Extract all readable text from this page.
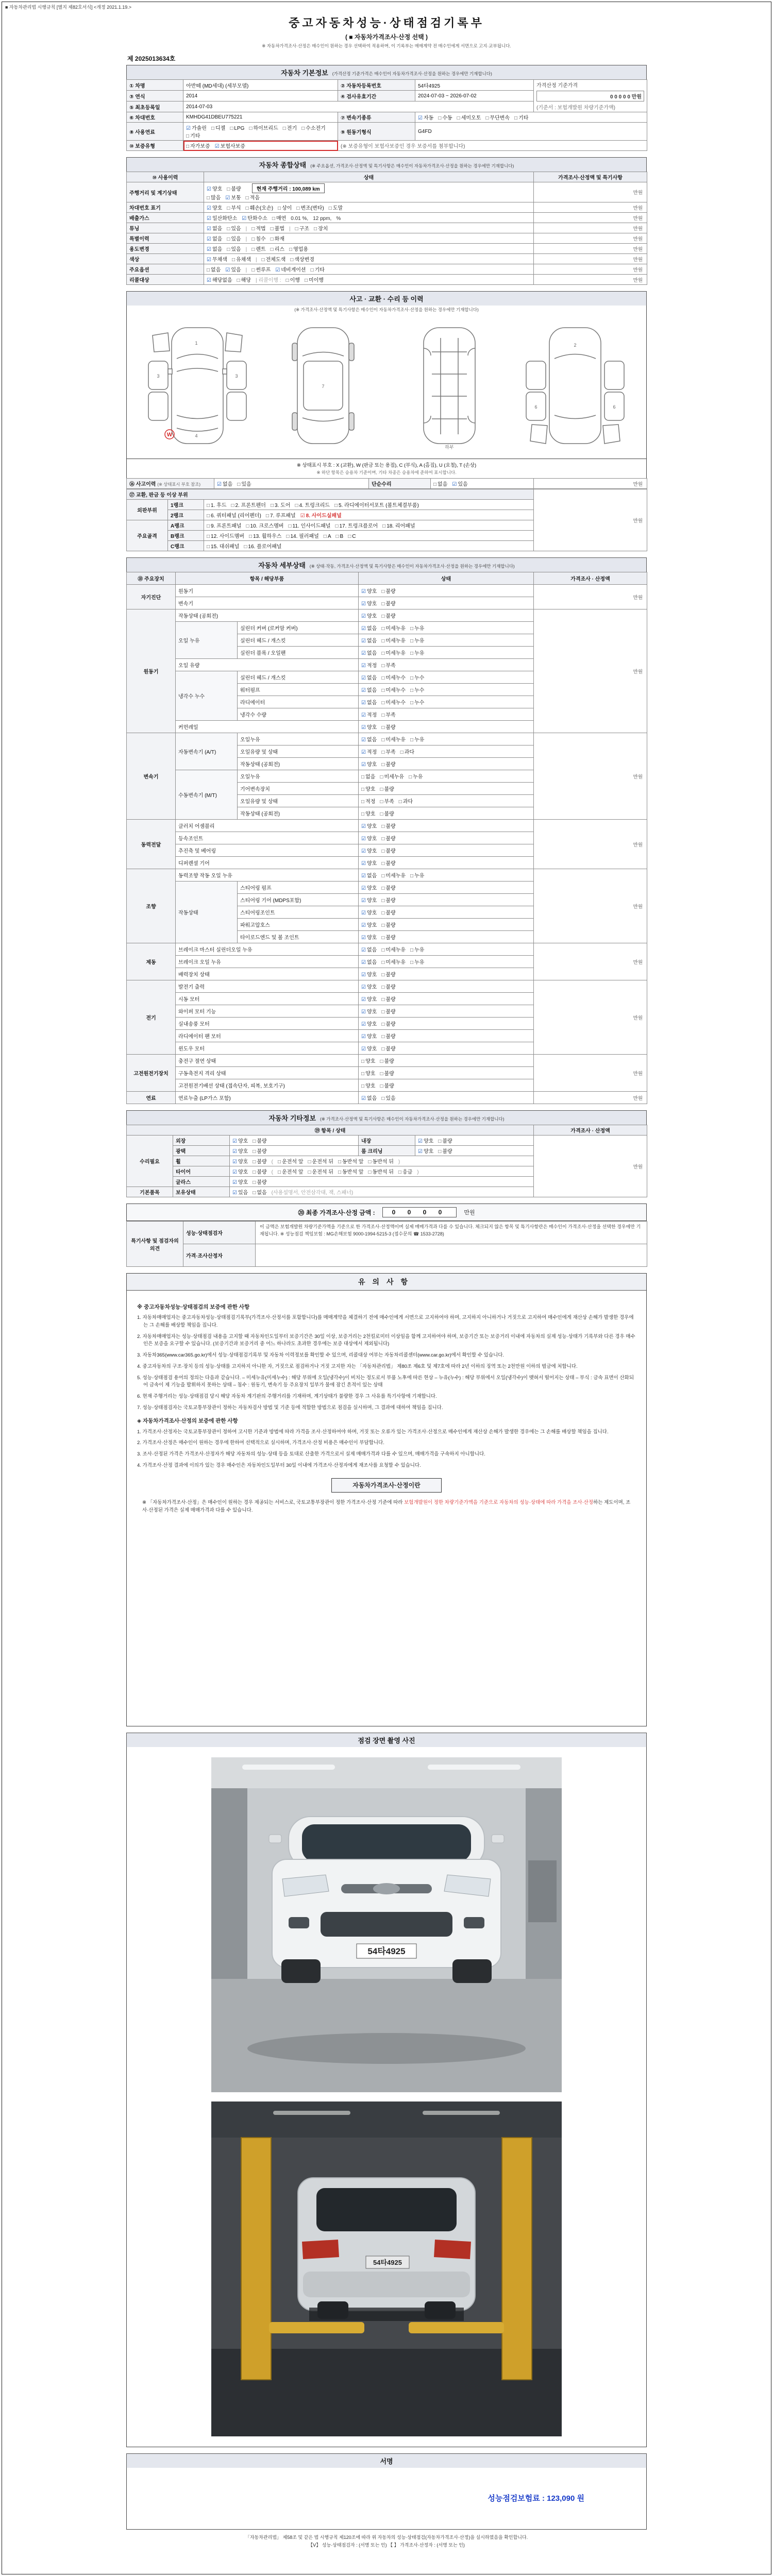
■ 자동차관리법 시행규칙 [별지 제82호서식] <개정 2021.1.19.>
중고자동차성능·상태점검기록부
( ■ 자동차가격조사·산정 선택 )
※ 자동차가격조사·산정은 매수인이 원하는 경우 선택하여 적용하며, 이 기록부는 매매계약 전 매수인에게 서면으로 고지·교부됩니다.
제 2025013634호
자동차 기본정보 (가격산정 기준가격은 매수인이 자동차가격조사·산정을 원하는 경우에만 기재합니다)
① 차명	아반떼 (MD세대) (세부모델)	② 자동차등록번호	54타4925	가격산정 기준가격
0 0 0 0 0 만원
(기준서 : 보험개발원 차량기준가액)

③ 연식	2014	④ 검사유효기간	2024-07-03 ~ 2026-07-02	
⑤ 최초등록일	2014-07-03			
⑥ 차대번호	KMHDG41DBEU775221	⑦ 변속기종류	☑ 자동 □ 수동 □ 세미오토 □ 무단변속 □ 기타	
⑧ 사용연료	☑ 가솔린 □ 디젤 □ LPG □ 하이브리드 □ 전기 □ 수소전기□ 기타	⑨ 원동기형식	G4FD	
⑩ 보증유형	□ 자가보증 ☑ 보험사보증	(※ 보증유형이 보험사보증인 경우 보증서를 첨부합니다)		
자동차 종합상태 (※ 주요옵션, 가격조사·산정액 및 특기사항은 매수인이 자동차가격조사·산정을 원하는 경우에만 기재합니다)
⑩ 사용이력	상태	가격조사·산정액 및 특기사항
주행거리 및 계기상태	☑ 양호 □ 불량 현재 주행거리 : 100,089 km
□ 많음 ☑ 보통 □ 적음	만원
차대번호 표기	☑ 양호 □ 부식 □ 훼손(오손) □ 상이 □ 변조(변타) □ 도말	만원
배출가스	☑ 일산화탄소 ☑ 탄화수소 □ 매연 0.01 %, 12 ppm, %	만원
튜닝	☑ 없음 □ 있음 | □ 적법 □ 불법 | □ 구조 □ 장치	만원
특별이력	☑ 없음 □ 있음 | □ 침수 □ 화재	만원
용도변경	☑ 없음 □ 있음 | □ 렌트 □ 리스 □ 영업용	만원
색상	☑ 무채색 □ 유채색 | □ 전체도색 □ 색상변경	만원
주요옵션	□ 없음 ☑ 있음 | □ 썬루프 ☑ 네비게이션 □ 기타	만원
리콜대상	☑ 해당없음 □ 해당 | 리콜이행 : □ 이행 □ 미이행	만원
사고 · 교환 · 수리 등 이력
(※ 가격조사·산정액 및 특기사항은 매수인이 자동차가격조사·산정을 원하는 경우에만 기재합니다)
1
3	3
4
W
7
하부
6	6
2
※ 상태표시 부호 : X (교환), W (판금 또는 용접), C (부식), A (흠집), U (요철), T (손상)
※ 하단 항목은 승용차 기준이며, 기타 차종은 승용차에 준하여 표시합니다.
⑯ 사고이력 (※ 상태표시 부호 참조)	☑ 없음 □ 있음	단순수리	□ 없음 ☑ 있음	만원
⑰ 교환, 판금 등 이상 부위			만원
외판부위	1랭크	□ 1. 후드 □ 2. 프론트펜더 □ 3. 도어 □ 4. 트렁크리드 □ 5. 라디에이터서포트 (볼트체결부품)	
	2랭크	□ 6. 쿼터패널 (리어펜더) □ 7. 루프패널 ☑ 8. 사이드실패널	
주요골격	A랭크	□ 9. 프론트패널 □ 10. 크로스멤버 □ 11. 인사이드패널 □ 17. 트렁크플로어 □ 18. 리어패널	
	B랭크	□ 12. 사이드멤버 □ 13. 휠하우스 □ 14. 필러패널 □ A □ B □ C	
	C랭크	□ 15. 대쉬패널 □ 16. 플로어패널	
자동차 세부상태 (※ 상태·작동, 가격조사·산정액 및 특기사항은 매수인이 자동차가격조사·산정을 원하는 경우에만 기재합니다)
⑱ 주요장치	항목 / 해당부품		상태	가격조사 · 산정액
자기진단	원동기		☑ 양호 □ 불량	만원
	변속기		☑ 양호 □ 불량	
원동기	작동상태 (공회전)		☑ 양호 □ 불량	만원
	오일 누유	실린더 커버 (로커암 커버)	☑ 없음 □ 미세누유 □ 누유	
		실린더 헤드 / 개스킷	☑ 없음 □ 미세누유 □ 누유	
		실린더 블록 / 오일팬	☑ 없음 □ 미세누유 □ 누유	
	오일 유량		☑ 적정 □ 부족	
	냉각수 누수	실린더 헤드 / 개스킷	☑ 없음 □ 미세누수 □ 누수	
		워터펌프	☑ 없음 □ 미세누수 □ 누수	
		라디에이터	☑ 없음 □ 미세누수 □ 누수	
		냉각수 수량	☑ 적정 □ 부족	
	커먼레일		☑ 양호 □ 불량	
변속기	자동변속기 (A/T)	오일누유	☑ 없음 □ 미세누유 □ 누유	만원
		오일유량 및 상태	☑ 적정 □ 부족 □ 과다	
		작동상태 (공회전)	☑ 양호 □ 불량	
	수동변속기 (M/T)	오일누유	□ 없음 □ 미세누유 □ 누유	
		기어변속장치	□ 양호 □ 불량	
		오일유량 및 상태	□ 적정 □ 부족 □ 과다	
		작동상태 (공회전)	□ 양호 □ 불량	
동력전달	클러치 어셈블리		☑ 양호 □ 불량	만원
	등속조인트		☑ 양호 □ 불량	
	추진축 및 베어링		☑ 양호 □ 불량	
	디퍼렌셜 기어		☑ 양호 □ 불량	
조향	동력조향 작동 오일 누유		☑ 없음 □ 미세누유 □ 누유	만원
	작동상태	스티어링 펌프	☑ 양호 □ 불량	
		스티어링 기어 (MDPS포함)	☑ 양호 □ 불량	
		스티어링조인트	☑ 양호 □ 불량	
		파워고압호스	☑ 양호 □ 불량	
		타이로드엔드 및 볼 조인트	☑ 양호 □ 불량	
제동	브레이크 마스터 실린더오일 누유		☑ 없음 □ 미세누유 □ 누유	만원
	브레이크 오일 누유		☑ 없음 □ 미세누유 □ 누유	
	배력장치 상태		☑ 양호 □ 불량	
전기	발전기 출력		☑ 양호 □ 불량	만원
	시동 모터		☑ 양호 □ 불량	
	와이퍼 모터 기능		☑ 양호 □ 불량	
	실내송풍 모터		☑ 양호 □ 불량	
	라디에이터 팬 모터		☑ 양호 □ 불량	
	윈도우 모터		☑ 양호 □ 불량	
고전원전기장치	충전구 절연 상태		□ 양호 □ 불량	만원
	구동축전지 격리 상태		□ 양호 □ 불량	
	고전원전기배선 상태 (접속단자, 피복, 보호기구)		□ 양호 □ 불량	
연료	연료누출 (LP가스 포함)		☑ 없음 □ 있음	만원
자동차 기타정보 (※ 가격조사·산정액 및 특기사항은 매수인이 자동차가격조사·산정을 원하는 경우에만 기재합니다)
⑲ 항목 / 상태					가격조사 · 산정액
수리필요	외장	☑ 양호 □ 불량	내장	☑ 양호 □ 불량	만원
	광택	☑ 양호 □ 불량	룸 크리닝	☑ 양호 □ 불량	
	휠	☑ 양호 □ 불량 ( □ 운전석 앞 □ 운전석 뒤 □ 동반석 앞 □ 동반석 뒤 )			
	타이어	☑ 양호 □ 불량 ( □ 운전석 앞 □ 운전석 뒤 □ 동반석 앞 □ 동반석 뒤 □ 응급 )			
	글라스	☑ 양호 □ 불량			
기본품목	보유상태	☑ 있음 □ 없음 (사용설명서, 안전삼각대, 잭, 스패너)			
⑳ 최종 가격조사·산정 금액 :	0 0 0 0	만원
특기사항 및 점검자의 의견	성능·상태점검자	이 금액은 보험개발원 차량기준가액을 기준으로 한 가격조사·산정액이며 실제 매매가격과 다를 수 있습니다. 체크되지 않은 항목 및 특기사항란은 매수인이 가격조사·산정을 선택한 경우에만 기재됩니다. ※ 성능점검 책임보험 : MG손해보험 9000-1994-5215-3 (접수문의 ☎ 1533-2728)
	가격·조사산정자	
유의사항
※ 중고자동차성능·상태점검의 보증에 관한 사항

1. 자동차매매업자는 중고자동차성능·상태점검기록부(가격조사·산정서를 포함합니다)를 매매계약을 체결하기 전에 매수인에게 서면으로 고지하여야 하며, 고지하지 아니하거나 거짓으로 고지하여 매수인에게 재산상 손해가 발생한 경우에는 그 손해를 배상할 책임을 집니다.

2. 자동차매매업자는 성능·상태점검 내용을 고지할 때 자동차인도일부터 보증기간은 30일 이상, 보증거리는 2천킬로미터 이상임을 함께 고지하여야 하며, 보증기간 또는 보증거리 이내에 자동차의 실제 성능·상태가 기록부와 다른 경우 매수인은 보증을 요구할 수 있습니다. (보증기간과 보증거리 중 어느 하나라도 초과한 경우에는 보증 대상에서 제외됩니다)

3. 자동차365(www.car365.go.kr)에서 성능·상태점검기록부 및 자동차 이력정보를 확인할 수 있으며, 리콜대상 여부는 자동차리콜센터(www.car.go.kr)에서 확인할 수 있습니다.

4. 중고자동차의 구조·장치 등의 성능·상태를 고지하지 아니한 자, 거짓으로 점검하거나 거짓 고지한 자는 「자동차관리법」 제80조 제6호 및 제7호에 따라 2년 이하의 징역 또는 2천만원 이하의 벌금에 처합니다.

5. 성능·상태점검 용어의 정의는 다음과 같습니다. – 미세누유(미세누수) : 해당 부위에 오일(냉각수)이 비치는 정도로서 부품 노후에 따른 현상 – 누유(누수) : 해당 부위에서 오일(냉각수)이 맺혀서 떨어지는 상태 – 부식 : 금속 표면이 산화되어 금속이 제 기능을 발휘하지 못하는 상태 – 침수 : 원동기, 변속기 등 주요장치 일부가 물에 잠긴 흔적이 있는 상태

6. 현재 주행거리는 성능·상태점검 당시 해당 자동차 계기판의 주행거리를 기재하며, 계기상태가 불량한 경우 그 사유를 특기사항에 기재합니다.

7. 성능·상태점검자는 국토교통부장관이 정하는 자동차검사 방법 및 기준 등에 적합한 방법으로 점검을 실시하며, 그 결과에 대하여 책임을 집니다.

◈ 자동차가격조사·산정의 보증에 관한 사항

1. 가격조사·산정자는 국토교통부장관이 정하여 고시한 기준과 방법에 따라 가격을 조사·산정하여야 하며, 거짓 또는 오류가 있는 가격조사·산정으로 매수인에게 재산상 손해가 발생한 경우에는 그 손해를 배상할 책임을 집니다.

2. 가격조사·산정은 매수인이 원하는 경우에 한하여 선택적으로 실시하며, 가격조사·산정 비용은 매수인이 부담합니다.

3. 조사·산정된 가격은 가격조사·산정자가 해당 자동차의 성능·상태 등을 토대로 산출한 가격으로서 실제 매매가격과 다를 수 있으며, 매매가격을 구속하지 아니합니다.

4. 가격조사·산정 결과에 이의가 있는 경우 매수인은 자동차인도일부터 30일 이내에 가격조사·산정자에게 재조사를 요청할 수 있습니다.

자동차가격조사·산정이란
※ 「자동차가격조사·산정」은 매수인이 원하는 경우 제공되는 서비스로, 국토교통부장관이 정한 가격조사·산정 기준에 따라 보험개발원이 정한 차량기준가액을 기준으로 자동차의 성능·상태에 따라 가격을 조사·산정하는 제도이며, 조사·산정된 가격은 실제 매매가격과 다를 수 있습니다.
점검 장면 촬영 사진
54타4925
54타4925
서명
성능점검보험료 : 123,090 원
「자동차관리법」 제58조 및 같은 법 시행규칙 제120조에 따라 위 자동차의 성능·상태점검(자동차가격조사·산정)을 실시하였음을 확인합니다.
【Ⅴ】 성능·상태점검자 : (서명 또는 인) 【 】 가격조사·산정자 : (서명 또는 인)
